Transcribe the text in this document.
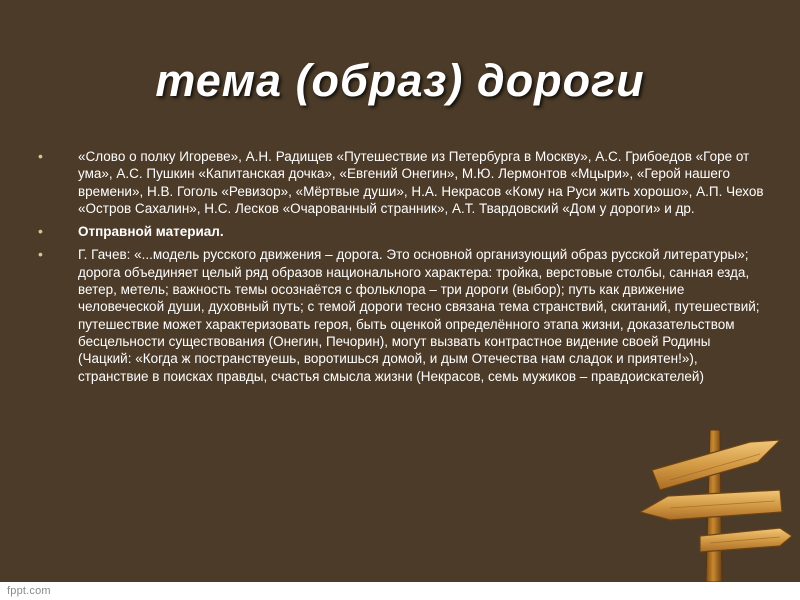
тема (образ) дороги
•	«Слово о полку Игореве», А.Н. Радищев «Путешествие из Петербурга в Москву», А.С. Грибоедов «Горе от ума», А.С. Пушкин «Капитанская дочка», «Евгений Онегин», М.Ю. Лермонтов «Мцыри», «Герой нашего времени», Н.В. Гоголь «Ревизор», «Мёртвые души», Н.А. Некрасов «Кому на Руси жить хорошо», А.П. Чехов «Остров Сахалин», Н.С. Лесков «Очарованный странник», А.Т. Твардовский «Дом у дороги» и др.
•	Отправной материал.
•	Г. Гачев: «...модель русского движения – дорога. Это основной организующий образ русской литературы»; дорога объединяет целый ряд образов национального характера: тройка, верстовые столбы, санная езда, ветер, метель; важность темы осознаётся с фольклора – три дороги (выбор); путь как движение человеческой души, духовный путь; с темой дороги тесно связана тема странствий, скитаний, путешествий; путешествие может характеризовать героя, быть оценкой определённого этапа жизни, доказательством бесцельности существования (Онегин, Печорин), могут вызвать контрастное видение своей Родины (Чацкий: «Когда ж постранствуешь, воротишься домой, и дым Отечества нам сладок и приятен!»), странствие в поисках правды, счастья смысла жизни (Некрасов, семь мужиков – правдоискателей)
fppt.com
